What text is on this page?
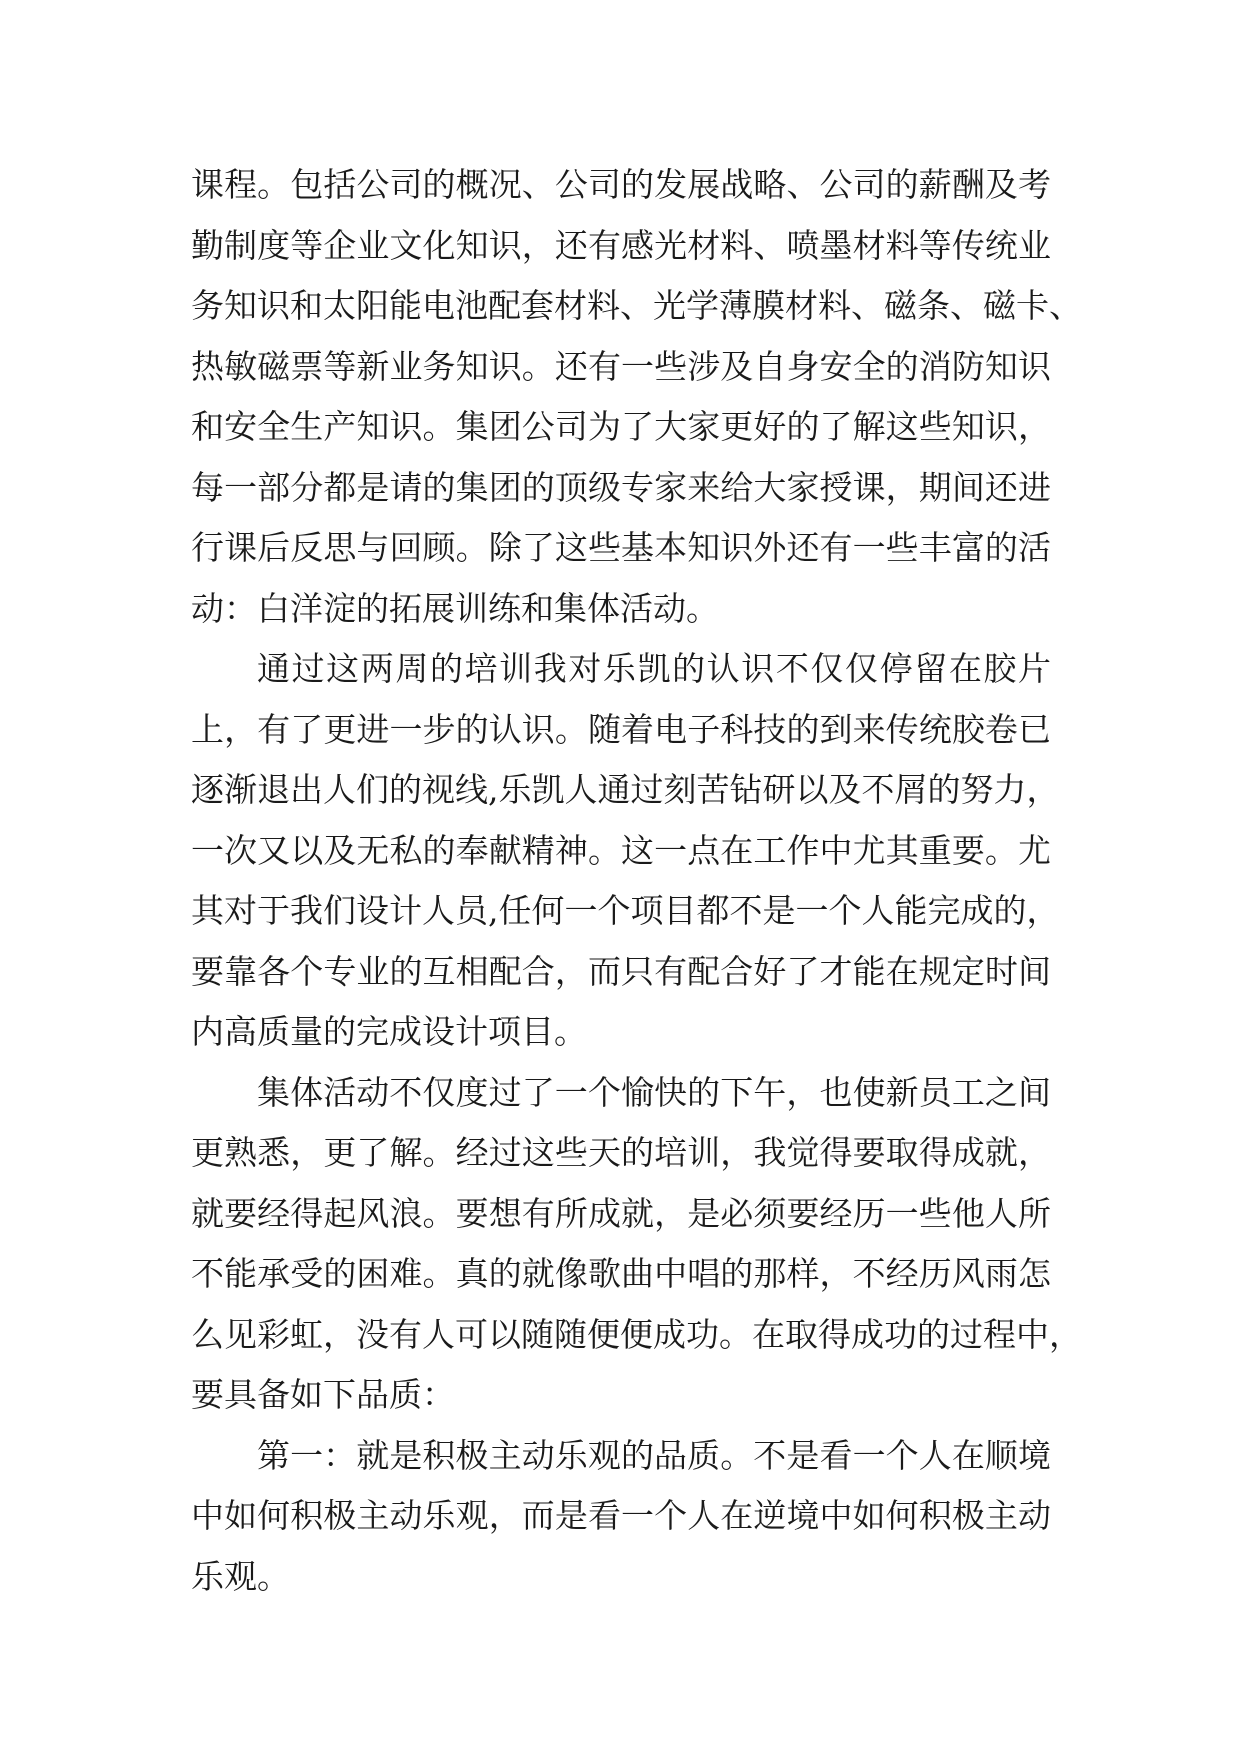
课程。包括公司的概况、公司的发展战略、公司的薪酬及考
勤制度等企业文化知识，还有感光材料、喷墨材料等传统业
务知识和太阳能电池配套材料、光学薄膜材料、磁条、磁卡、
热敏磁票等新业务知识。还有一些涉及自身安全的消防知识
和安全生产知识。集团公司为了大家更好的了解这些知识，
每一部分都是请的集团的顶级专家来给大家授课，期间还进
行课后反思与回顾。除了这些基本知识外还有一些丰富的活
动：白洋淀的拓展训练和集体活动。
通过这两周的培训我对乐凯的认识不仅仅停留在胶片
上，有了更进一步的认识。随着电子科技的到来传统胶卷已
逐渐退出人们的视线,乐凯人通过刻苦钻研以及不屑的努力，
一次又以及无私的奉献精神。这一点在工作中尤其重要。尤
其对于我们设计人员,任何一个项目都不是一个人能完成的，
要靠各个专业的互相配合，而只有配合好了才能在规定时间
内高质量的完成设计项目。
集体活动不仅度过了一个愉快的下午，也使新员工之间
更熟悉，更了解。经过这些天的培训，我觉得要取得成就，
就要经得起风浪。要想有所成就，是必须要经历一些他人所
不能承受的困难。真的就像歌曲中唱的那样，不经历风雨怎
么见彩虹，没有人可以随随便便成功。在取得成功的过程中，
要具备如下品质：
第一：就是积极主动乐观的品质。不是看一个人在顺境
中如何积极主动乐观，而是看一个人在逆境中如何积极主动
乐观。
